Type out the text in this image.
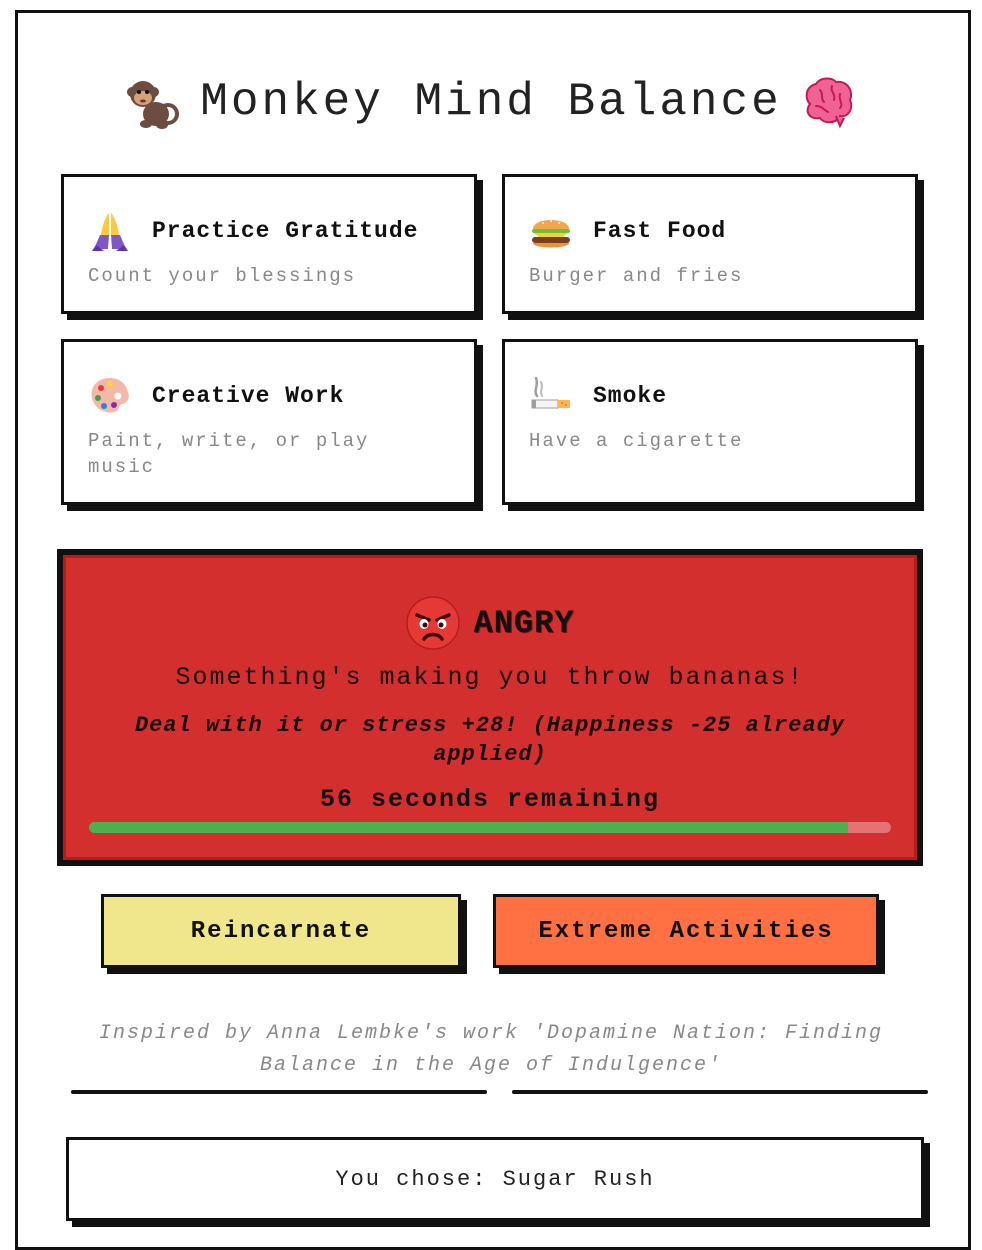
Monkey Mind Balance
Practice Gratitude
Count your blessings
Fast Food
Burger and fries
Creative Work
Paint, write, or play music
Smoke
Have a cigarette
ANGRY
Something's making you throw bananas!
Deal with it or stress +28! (Happiness -25 already applied)
56 seconds remaining
Reincarnate	Extreme Activities
Inspired by Anna Lembke's work 'Dopamine Nation: Finding Balance in the Age of Indulgence'
You chose: Sugar Rush
